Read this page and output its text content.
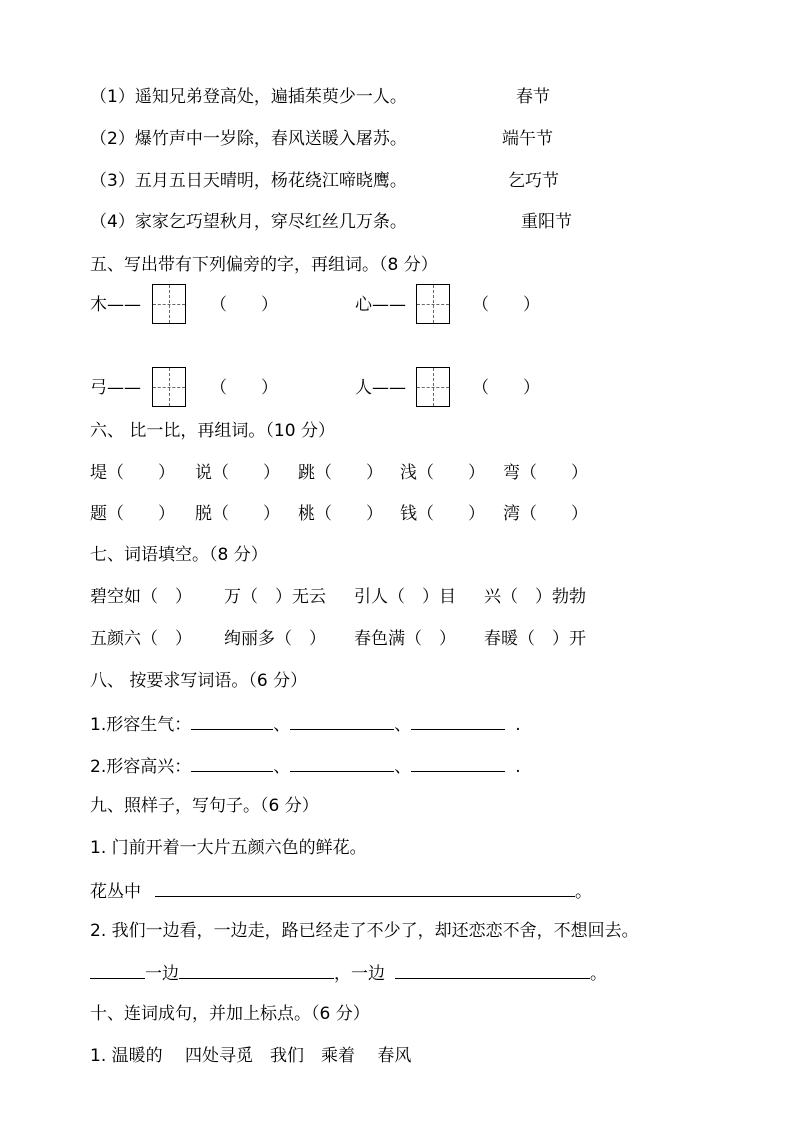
（1）遥知兄弟登高处，遍插茱萸少一人。	春节
（2）爆竹声中一岁除，春风送暖入屠苏。	端午节
（3）五月五日天晴明，杨花绕江啼晓鹰。	乞巧节
（4）家家乞巧望秋月，穿尽红丝几万条。	重阳节
五、写出带有下列偏旁的字，再组词。（8 分）
木——	（　　）	心——	（　　）
弓——	（　　）	人——	（　　）
六、 比一比，再组词。（10 分）
堤（　　） 说（　　） 跳（　　） 浅（　　） 弯（　　）
题（　　） 脱（　　） 桃（　　） 钱（　　） 湾（　　）
七、词语填空。（8 分）
碧空如（　） 万（　）无云 引人（　）目 兴（　）勃勃
五颜六（　） 绚丽多（　） 春色满（　） 春暖（　）开
八、 按要求写词语。（6 分）
1.形容生气：	、	、	.
2.形容高兴：	、	、	.
九、照样子，写句子。（6 分）
1. 门前开着一大片五颜六色的鲜花。
花丛中	。
2. 我们一边看，一边走，路已经走了不少了，却还恋恋不舍，不想回去。
一边	，一边	。
十、连词成句，并加上标点。（6 分）
1. 温暖的　 四处寻觅　我们　乘着　 春风
